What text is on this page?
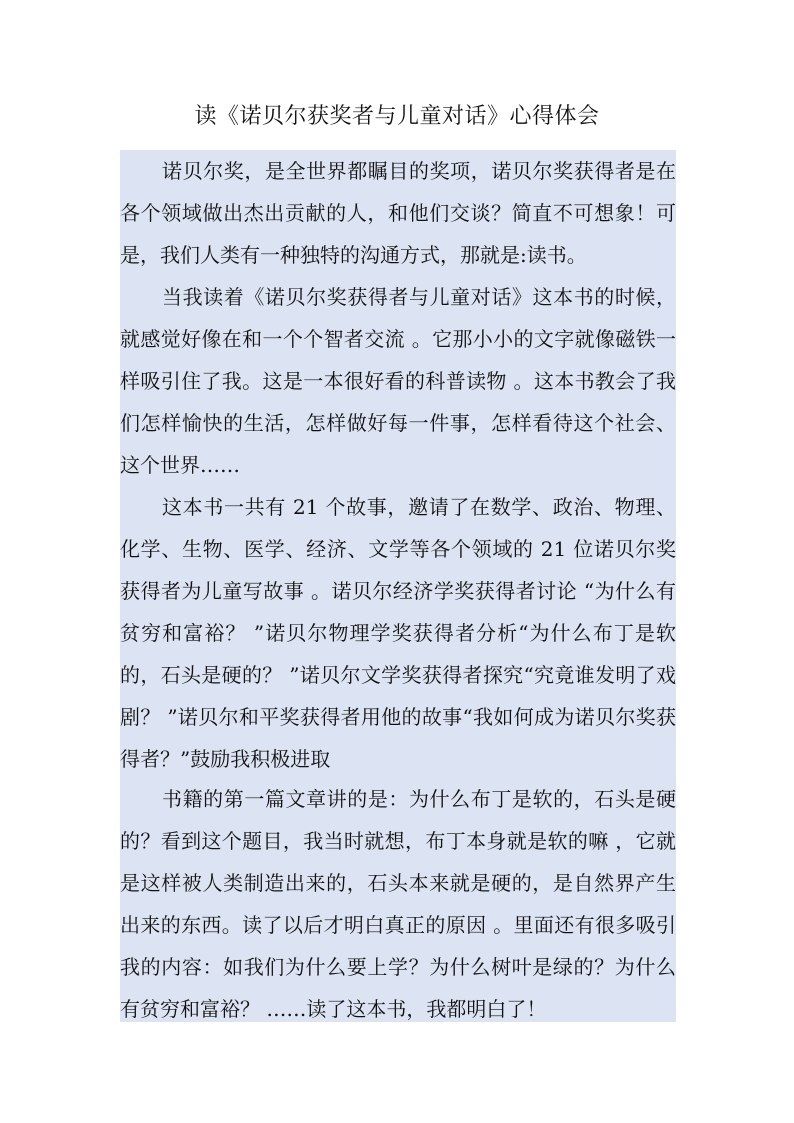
读《诺贝尔获奖者与儿童对话》心得体会

诺贝尔奖，是全世界都瞩目的奖项，诺贝尔奖获得者是在各个领域做出杰出贡献的人，和他们交谈？简直不可想象！可是，我们人类有一种独特的沟通方式，那就是:读书。

当我读着《诺贝尔奖获得者与儿童对话》这本书的时候，就感觉好像在和一个个智者交流 。它那小小的文字就像磁铁一样吸引住了我。这是一本很好看的科普读物 。这本书教会了我们怎样愉快的生活，怎样做好每一件事，怎样看待这个社会、这个世界……

这本书一共有 21 个故事，邀请了在数学、政治、物理、化学、生物、医学、经济、文学等各个领域的 21 位诺贝尔奖获得者为儿童写故事 。诺贝尔经济学奖获得者讨论 “为什么有贫穷和富裕？ ”诺贝尔物理学奖获得者分析“为什么布丁是软的，石头是硬的？ ”诺贝尔文学奖获得者探究“究竟谁发明了戏剧？ ”诺贝尔和平奖获得者用他的故事“我如何成为诺贝尔奖获得者？”鼓励我积极进取

书籍的第一篇文章讲的是：为什么布丁是软的，石头是硬的？看到这个题目，我当时就想，布丁本身就是软的嘛 ，它就是这样被人类制造出来的，石头本来就是硬的，是自然界产生出来的东西。读了以后才明白真正的原因 。里面还有很多吸引我的内容：如我们为什么要上学？为什么树叶是绿的？为什么有贫穷和富裕？ ……读了这本书，我都明白了！
